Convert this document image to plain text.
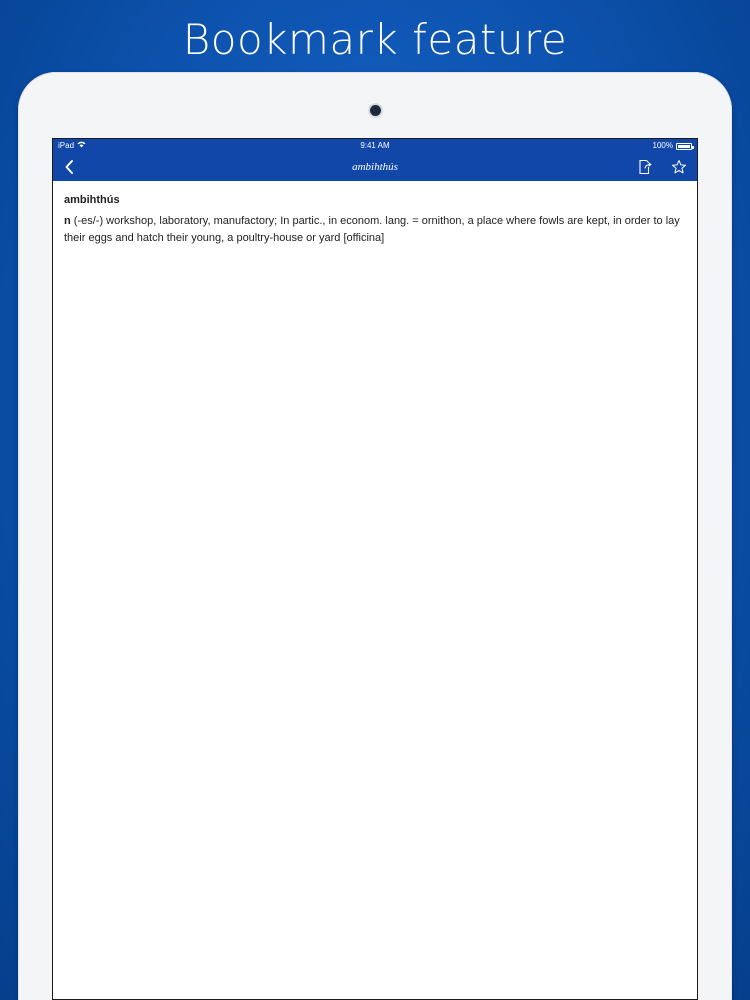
Bookmark feature
iPad	9:41 AM	100%
ambihthús
ambihthús
n (-es/-) workshop, laboratory, manufactory; In partic., in econom. lang. = ornithon, a place where fowls are kept, in order to lay their eggs and hatch their young, a poultry-house or yard [officina]
